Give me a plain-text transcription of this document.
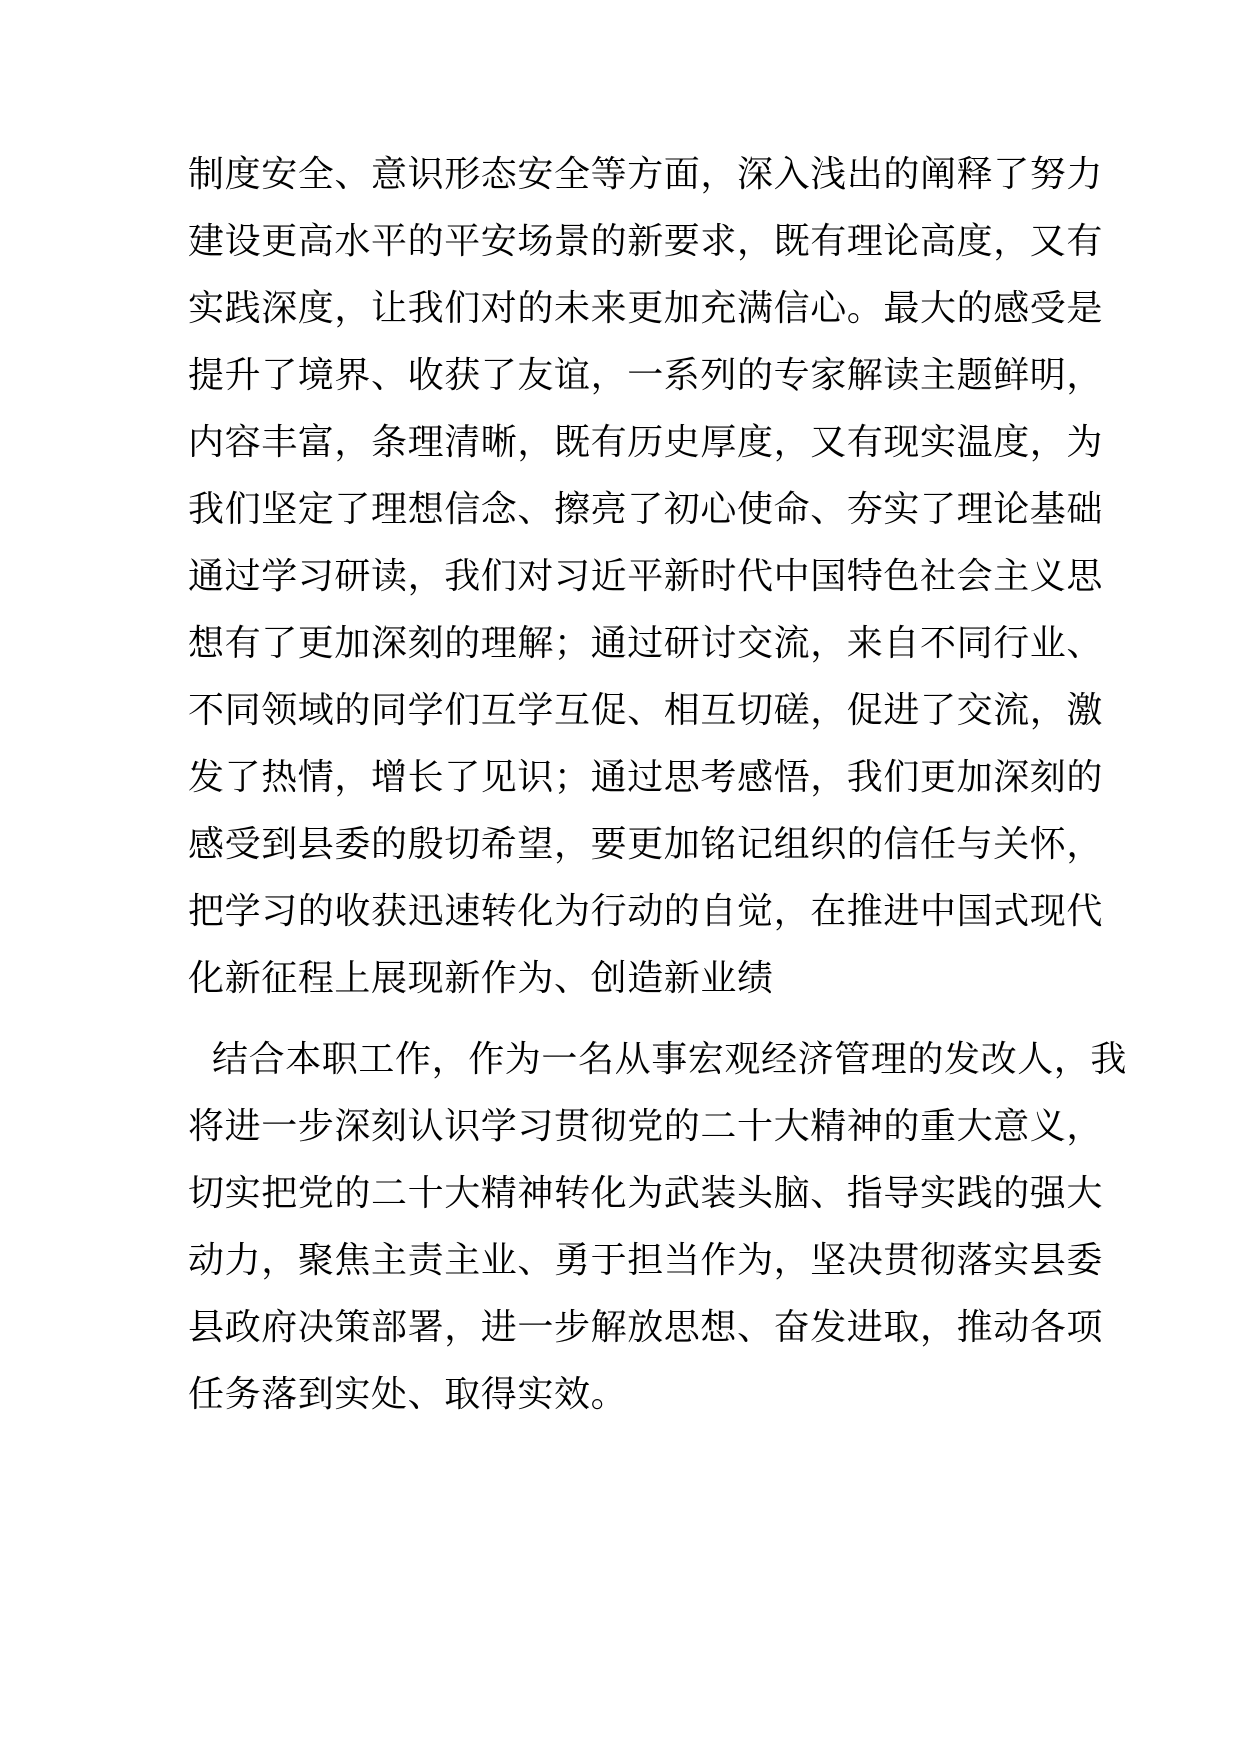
制度安全、意识形态安全等方面，深入浅出的阐释了努力
建设更高水平的平安场景的新要求，既有理论高度，又有
实践深度，让我们对的未来更加充满信心。最大的感受是
提升了境界、收获了友谊，一系列的专家解读主题鲜明，
内容丰富，条理清晰，既有历史厚度，又有现实温度，为
我们坚定了理想信念、擦亮了初心使命、夯实了理论基础
通过学习研读，我们对习近平新时代中国特色社会主义思
想有了更加深刻的理解；通过研讨交流，来自不同行业、
不同领域的同学们互学互促、相互切磋，促进了交流，激
发了热情，增长了见识；通过思考感悟，我们更加深刻的
感受到县委的殷切希望，要更加铭记组织的信任与关怀，
把学习的收获迅速转化为行动的自觉，在推进中国式现代
化新征程上展现新作为、创造新业绩
结合本职工作，作为一名从事宏观经济管理的发改人，我
将进一步深刻认识学习贯彻党的二十大精神的重大意义，
切实把党的二十大精神转化为武装头脑、指导实践的强大
动力，聚焦主责主业、勇于担当作为，坚决贯彻落实县委
县政府决策部署，进一步解放思想、奋发进取，推动各项
任务落到实处、取得实效。
